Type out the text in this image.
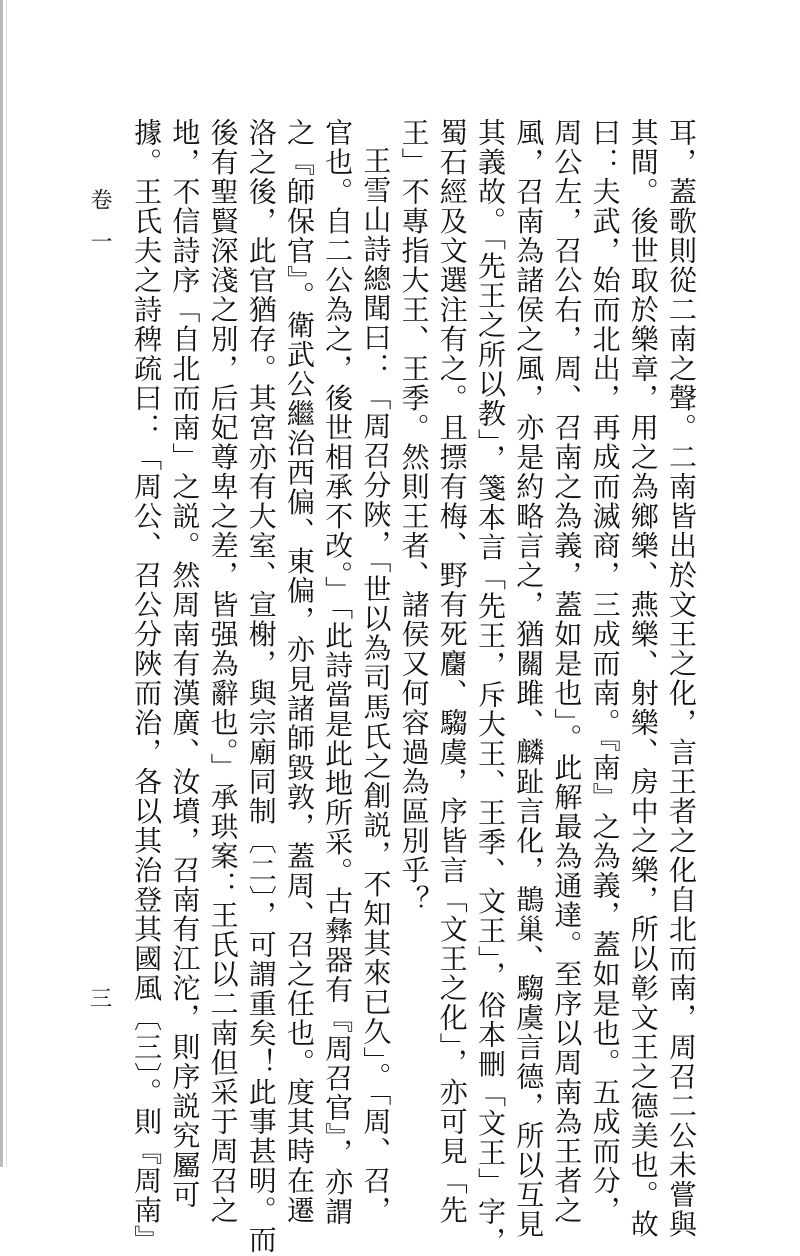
耳，蓋歌則從二南之聲。二南皆出於文王之化，言王者之化自北而南，周召二公未嘗與
其間。後世取於樂章，用之為鄉樂、燕樂、射樂、房中之樂，所以彰文王之德美也。故
曰：夫武，始而北出，再成而滅商，三成而南。『南』之為義，蓋如是也。五成而分，
周公左，召公右，周、召南之為義，蓋如是也」。此解最為通達。至序以周南為王者之
風，召南為諸侯之風，亦是約略言之，猶關雎、麟趾言化，鵲巢、騶虞言德，所以互見
其義故。「先王之所以教」，箋本言「先王，斥大王、王季、文王」，俗本刪「文王」字，
蜀石經及文選注有之。且摽有梅、野有死麕、騶虞，序皆言「文王之化」，亦可見「先
王」不專指大王、王季。然則王者、諸侯又何容過為區別乎？
王雪山詩總聞曰：「周召分陜，「世以為司馬氏之創説，不知其來已久」。「周、召，
官也。自二公為之，後世相承不改。」「此詩當是此地所采。古彝器有『周召官』，亦謂
之『師保官』。衛武公繼治西偏、東偏，亦見諸師毀敦，蓋周、召之任也。度其時在遷
洛之後，此官猶存。其宮亦有大室、宣榭，與宗廟同制〔二〕，可謂重矣！此事甚明。而
後有聖賢深淺之別，后妃尊卑之差，皆强為辭也。」承珙案：王氏以二南但采于周召之
地，不信詩序「自北而南」之説。然周南有漢廣、汝墳，召南有江沱，則序説究屬可
據。王氏夫之詩稗疏曰：「周公、召公分陜而治，各以其治登其國風〔三〕。則『周南』
卷一
三
